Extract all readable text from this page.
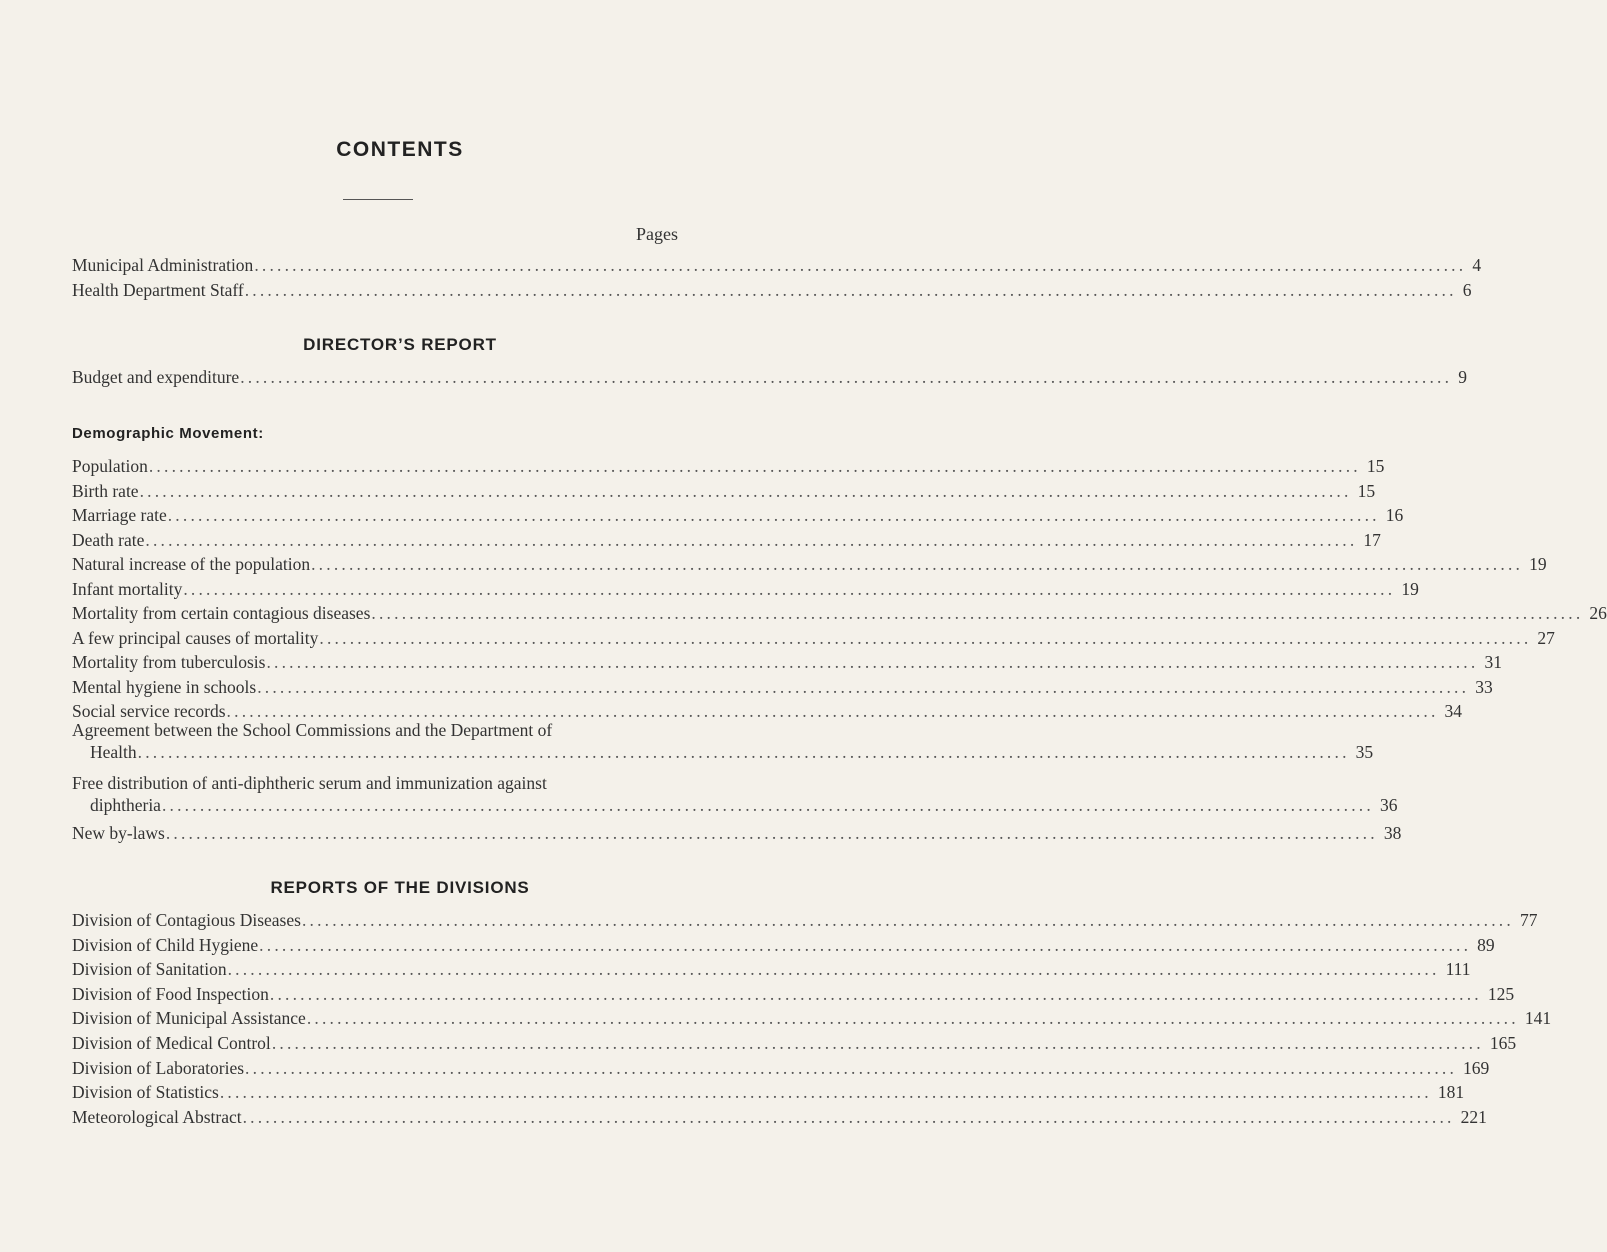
CONTENTS
Pages
Municipal Administration ................................................................................................................................................................ 4
Health Department Staff ................................................................................................................................................................ 6
DIRECTOR’S REPORT
Budget and expenditure ................................................................................................................................................................ 9
Demographic Movement:
Population ................................................................................................................................................................ 15
Birth rate ................................................................................................................................................................ 15
Marriage rate ................................................................................................................................................................ 16
Death rate ................................................................................................................................................................ 17
Natural increase of the population ................................................................................................................................................................ 19
Infant mortality ................................................................................................................................................................ 19
Mortality from certain contagious diseases ................................................................................................................................................................ 26
A few principal causes of mortality ................................................................................................................................................................ 27
Mortality from tuberculosis ................................................................................................................................................................ 31
Mental hygiene in schools ................................................................................................................................................................ 33
Social service records ................................................................................................................................................................ 34
Agreement between the School Commissions and the Department of
Health ................................................................................................................................................................ 35
Free distribution of anti-diphtheric serum and immunization against
diphtheria ................................................................................................................................................................ 36
New by-laws ................................................................................................................................................................ 38
REPORTS OF THE DIVISIONS
Division of Contagious Diseases ................................................................................................................................................................ 77
Division of Child Hygiene ................................................................................................................................................................ 89
Division of Sanitation ................................................................................................................................................................ 111
Division of Food Inspection ................................................................................................................................................................ 125
Division of Municipal Assistance ................................................................................................................................................................ 141
Division of Medical Control ................................................................................................................................................................ 165
Division of Laboratories ................................................................................................................................................................ 169
Division of Statistics ................................................................................................................................................................ 181
Meteorological Abstract ................................................................................................................................................................ 221
